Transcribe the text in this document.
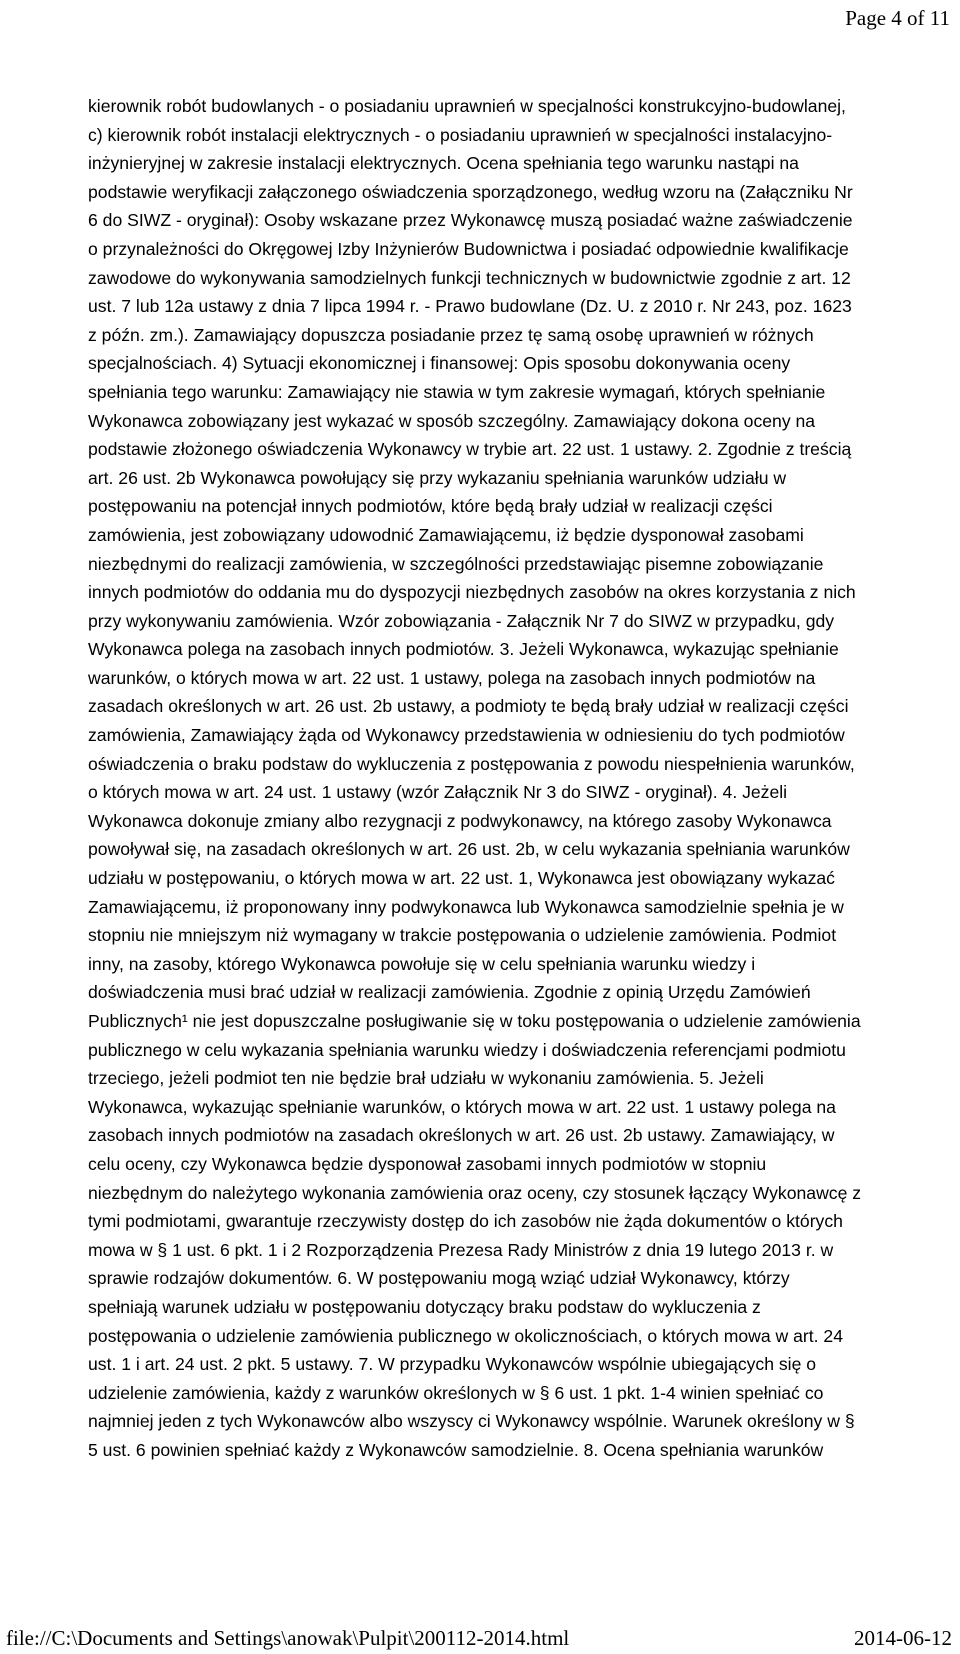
Page 4 of 11
kierownik robót budowlanych - o posiadaniu uprawnień w specjalności konstrukcyjno-budowlanej,
c) kierownik robót instalacji elektrycznych - o posiadaniu uprawnień w specjalności instalacyjno-
inżynieryjnej w zakresie instalacji elektrycznych. Ocena spełniania tego warunku nastąpi na
podstawie weryfikacji załączonego oświadczenia sporządzonego, według wzoru na (Załączniku Nr
6 do SIWZ - oryginał): Osoby wskazane przez Wykonawcę muszą posiadać ważne zaświadczenie
o przynależności do Okręgowej Izby Inżynierów Budownictwa i posiadać odpowiednie kwalifikacje
zawodowe do wykonywania samodzielnych funkcji technicznych w budownictwie zgodnie z art. 12
ust. 7 lub 12a ustawy z dnia 7 lipca 1994 r. - Prawo budowlane (Dz. U. z 2010 r. Nr 243, poz. 1623
z późn. zm.). Zamawiający dopuszcza posiadanie przez tę samą osobę uprawnień w różnych
specjalnościach. 4) Sytuacji ekonomicznej i finansowej: Opis sposobu dokonywania oceny
spełniania tego warunku: Zamawiający nie stawia w tym zakresie wymagań, których spełnianie
Wykonawca zobowiązany jest wykazać w sposób szczególny. Zamawiający dokona oceny na
podstawie złożonego oświadczenia Wykonawcy w trybie art. 22 ust. 1 ustawy. 2. Zgodnie z treścią
art. 26 ust. 2b Wykonawca powołujący się przy wykazaniu spełniania warunków udziału w
postępowaniu na potencjał innych podmiotów, które będą brały udział w realizacji części
zamówienia, jest zobowiązany udowodnić Zamawiającemu, iż będzie dysponował zasobami
niezbędnymi do realizacji zamówienia, w szczególności przedstawiając pisemne zobowiązanie
innych podmiotów do oddania mu do dyspozycji niezbędnych zasobów na okres korzystania z nich
przy wykonywaniu zamówienia. Wzór zobowiązania - Załącznik Nr 7 do SIWZ w przypadku, gdy
Wykonawca polega na zasobach innych podmiotów. 3. Jeżeli Wykonawca, wykazując spełnianie
warunków, o których mowa w art. 22 ust. 1 ustawy, polega na zasobach innych podmiotów na
zasadach określonych w art. 26 ust. 2b ustawy, a podmioty te będą brały udział w realizacji części
zamówienia, Zamawiający żąda od Wykonawcy przedstawienia w odniesieniu do tych podmiotów
oświadczenia o braku podstaw do wykluczenia z postępowania z powodu niespełnienia warunków,
o których mowa w art. 24 ust. 1 ustawy (wzór Załącznik Nr 3 do SIWZ - oryginał). 4. Jeżeli
Wykonawca dokonuje zmiany albo rezygnacji z podwykonawcy, na którego zasoby Wykonawca
powoływał się, na zasadach określonych w art. 26 ust. 2b, w celu wykazania spełniania warunków
udziału w postępowaniu, o których mowa w art. 22 ust. 1, Wykonawca jest obowiązany wykazać
Zamawiającemu, iż proponowany inny podwykonawca lub Wykonawca samodzielnie spełnia je w
stopniu nie mniejszym niż wymagany w trakcie postępowania o udzielenie zamówienia. Podmiot
inny, na zasoby, którego Wykonawca powołuje się w celu spełniania warunku wiedzy i
doświadczenia musi brać udział w realizacji zamówienia. Zgodnie z opinią Urzędu Zamówień
Publicznych¹ nie jest dopuszczalne posługiwanie się w toku postępowania o udzielenie zamówienia
publicznego w celu wykazania spełniania warunku wiedzy i doświadczenia referencjami podmiotu
trzeciego, jeżeli podmiot ten nie będzie brał udziału w wykonaniu zamówienia. 5. Jeżeli
Wykonawca, wykazując spełnianie warunków, o których mowa w art. 22 ust. 1 ustawy polega na
zasobach innych podmiotów na zasadach określonych w art. 26 ust. 2b ustawy. Zamawiający, w
celu oceny, czy Wykonawca będzie dysponował zasobami innych podmiotów w stopniu
niezbędnym do należytego wykonania zamówienia oraz oceny, czy stosunek łączący Wykonawcę z
tymi podmiotami, gwarantuje rzeczywisty dostęp do ich zasobów nie żąda dokumentów o których
mowa w § 1 ust. 6 pkt. 1 i 2 Rozporządzenia Prezesa Rady Ministrów z dnia 19 lutego 2013 r. w
sprawie rodzajów dokumentów. 6. W postępowaniu mogą wziąć udział Wykonawcy, którzy
spełniają warunek udziału w postępowaniu dotyczący braku podstaw do wykluczenia z
postępowania o udzielenie zamówienia publicznego w okolicznościach, o których mowa w art. 24
ust. 1 i art. 24 ust. 2 pkt. 5 ustawy. 7. W przypadku Wykonawców wspólnie ubiegających się o
udzielenie zamówienia, każdy z warunków określonych w § 6 ust. 1 pkt. 1-4 winien spełniać co
najmniej jeden z tych Wykonawców albo wszyscy ci Wykonawcy wspólnie. Warunek określony w §
5 ust. 6 powinien spełniać każdy z Wykonawców samodzielnie. 8. Ocena spełniania warunków
file://C:\Documents and Settings\anowak\Pulpit\200112-2014.html	2014-06-12
